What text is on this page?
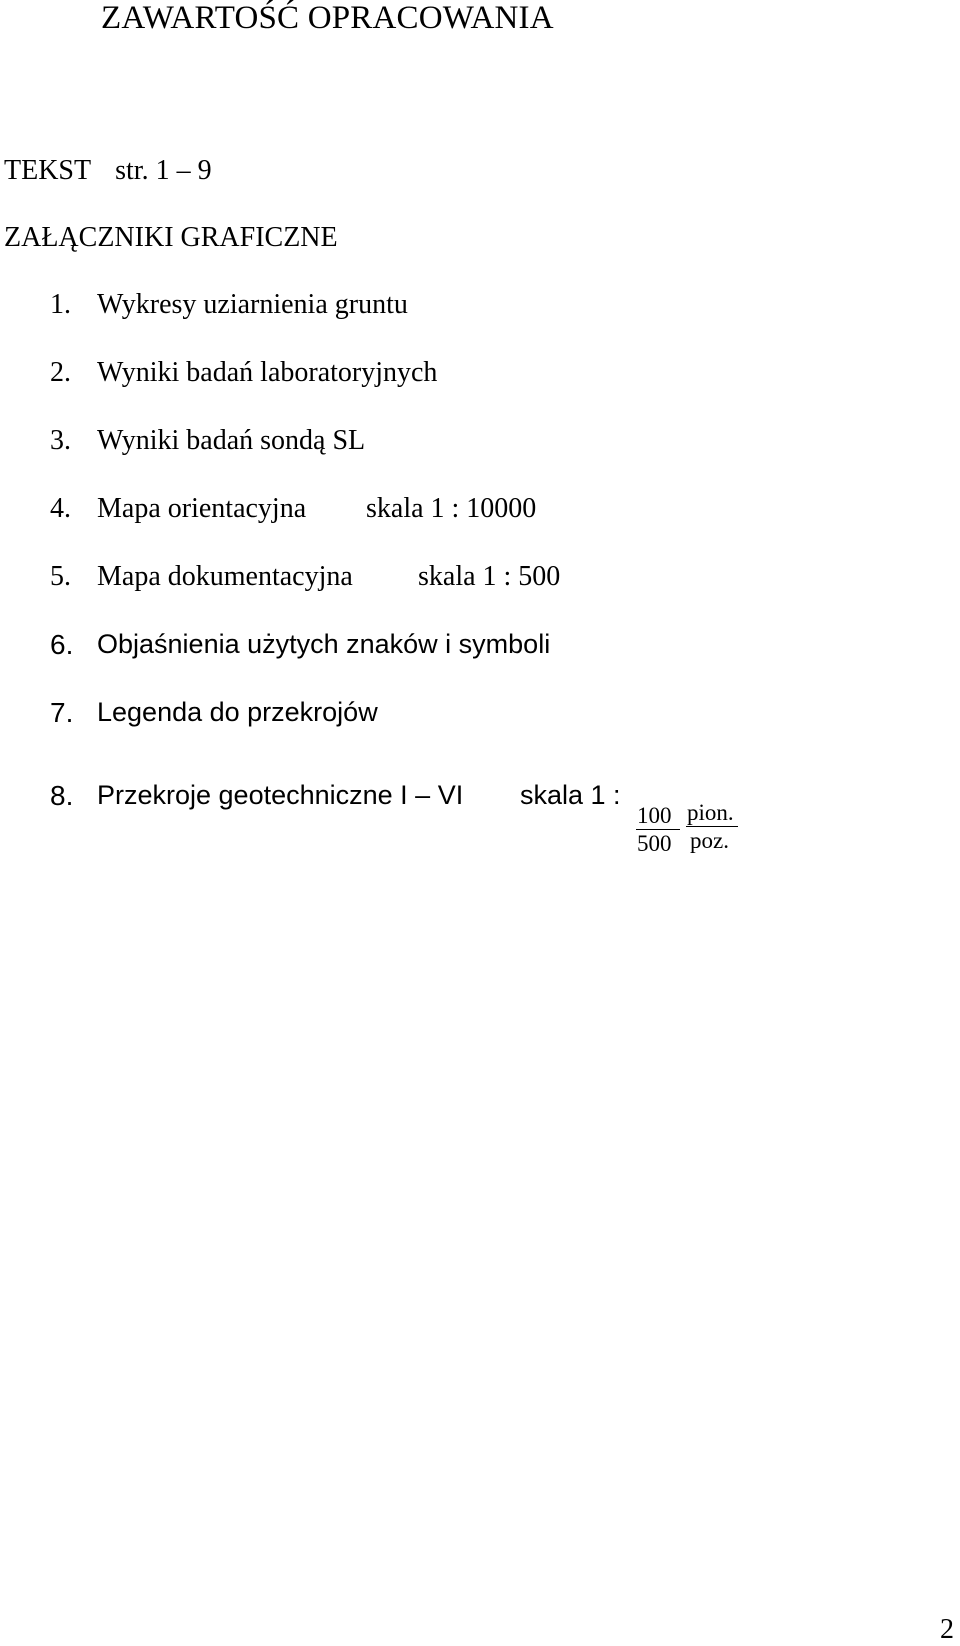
ZAWARTOŚĆ OPRACOWANIA
TEKST str. 1 – 9
ZAŁĄCZNIKI GRAFICZNE
1. Wykresy uziarnienia gruntu
2. Wyniki badań laboratoryjnych
3. Wyniki badań sondą SL
4. Mapa orientacyjna skala 1 : 10000
5. Mapa dokumentacyjna skala 1 : 500
6. Objaśnienia użytych znaków i symboli
7. Legenda do przekrojów
8. Przekroje geotechniczne I – VI skala 1 :
100
500
pion.
poz.
2
